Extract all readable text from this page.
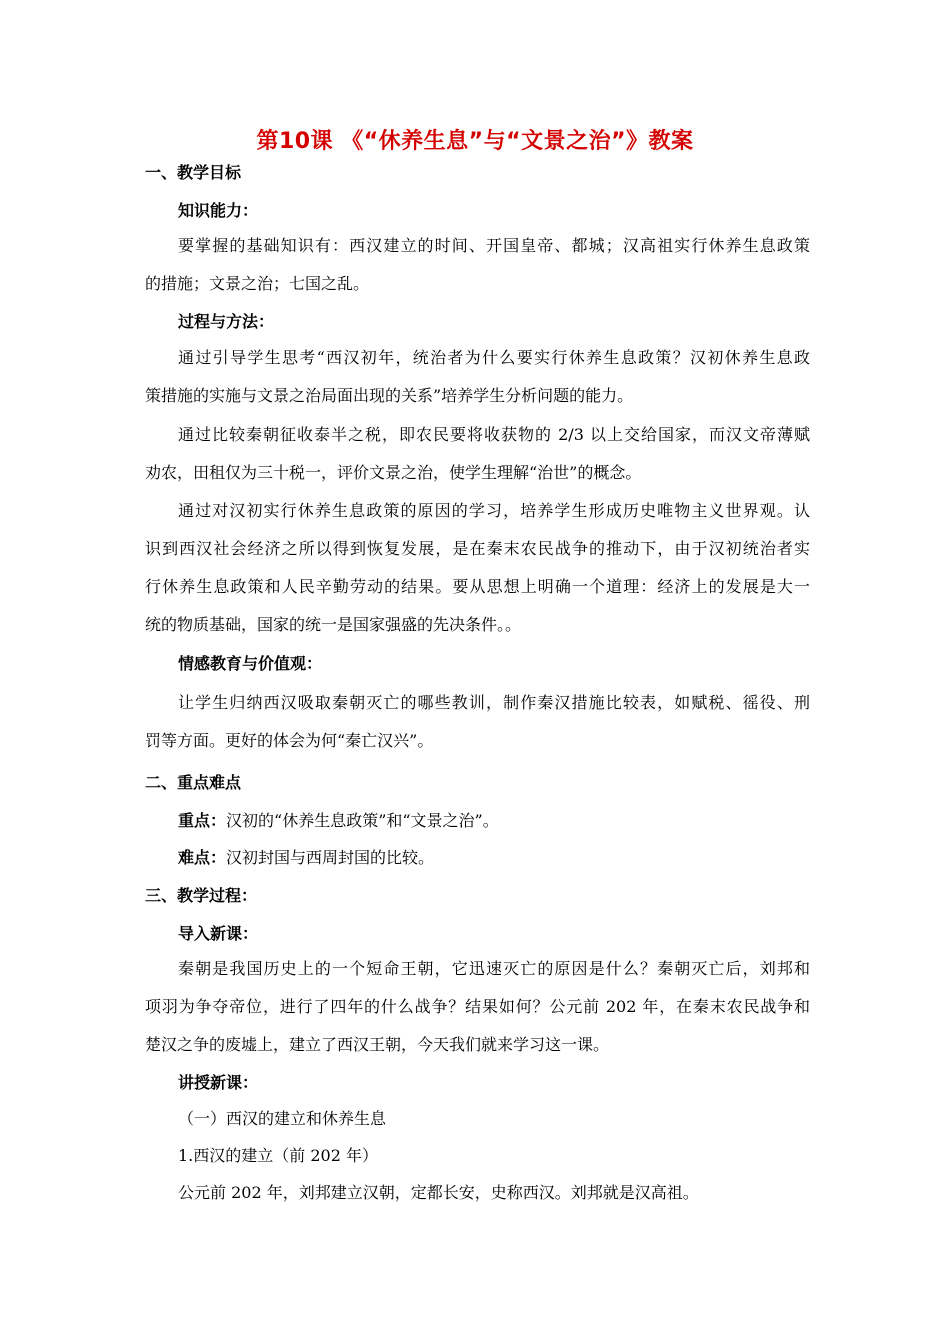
第10课 《“休养生息”与“文景之治”》教案
一、教学目标
知识能力：
要掌握的基础知识有：西汉建立的时间、开国皇帝、都城；汉高祖实行休养生息政策
的措施；文景之治；七国之乱。
过程与方法：
通过引导学生思考“西汉初年，统治者为什么要实行休养生息政策？汉初休养生息政
策措施的实施与文景之治局面出现的关系”培养学生分析问题的能力。
通过比较秦朝征收泰半之税，即农民要将收获物的 2/3 以上交给国家，而汉文帝薄赋
劝农，田租仅为三十税一，评价文景之治，使学生理解“治世”的概念。
通过对汉初实行休养生息政策的原因的学习，培养学生形成历史唯物主义世界观。认
识到西汉社会经济之所以得到恢复发展，是在秦末农民战争的推动下，由于汉初统治者实
行休养生息政策和人民辛勤劳动的结果。要从思想上明确一个道理：经济上的发展是大一
统的物质基础，国家的统一是国家强盛的先决条件。。
情感教育与价值观：
让学生归纳西汉吸取秦朝灭亡的哪些教训，制作秦汉措施比较表，如赋税、徭役、刑
罚等方面。更好的体会为何“秦亡汉兴”。
二、重点难点
重点：汉初的“休养生息政策”和“文景之治”。
难点：汉初封国与西周封国的比较。
三、教学过程：
导入新课：
秦朝是我国历史上的一个短命王朝，它迅速灭亡的原因是什么？秦朝灭亡后，刘邦和
项羽为争夺帝位，进行了四年的什么战争？结果如何？公元前 202 年，在秦末农民战争和
楚汉之争的废墟上，建立了西汉王朝，今天我们就来学习这一课。
讲授新课：
（一）西汉的建立和休养生息
1.西汉的建立（前 202 年）
公元前 202 年，刘邦建立汉朝，定都长安，史称西汉。刘邦就是汉高祖。
